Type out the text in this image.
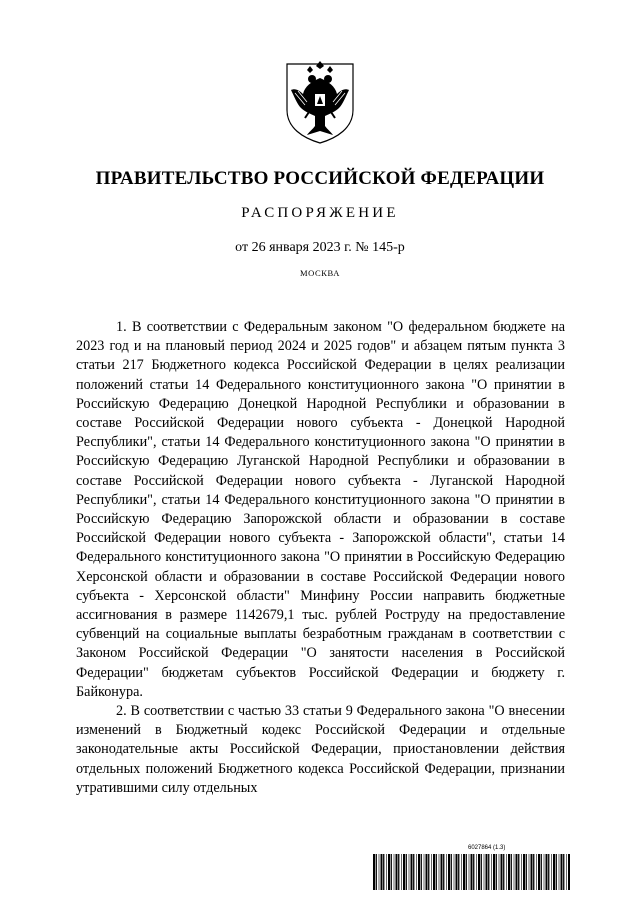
ПРАВИТЕЛЬСТВО РОССИЙСКОЙ ФЕДЕРАЦИИ
РАСПОРЯЖЕНИЕ
от 26 января 2023 г. № 145-р
МОСКВА

1. В соответствии с Федеральным законом "О федеральном бюджете на 2023 год и на плановый период 2024 и 2025 годов" и абзацем пятым пункта 3 статьи 217 Бюджетного кодекса Российской Федерации в целях реализации положений статьи 14 Федерального конституционного закона "О принятии в Российскую Федерацию Донецкой Народной Республики и образовании в составе Российской Федерации нового субъекта - Донецкой Народной Республики", статьи 14 Федерального конституционного закона "О принятии в Российскую Федерацию Луганской Народной Республики и образовании в составе Российской Федерации нового субъекта - Луганской Народной Республики", статьи 14 Федерального конституционного закона "О принятии в Российскую Федерацию Запорожской области и образовании в составе Российской Федерации нового субъекта - Запорожской области", статьи 14 Федерального конституционного закона "О принятии в Российскую Федерацию Херсонской области и образовании в составе Российской Федерации нового субъекта - Херсонской области" Минфину России направить бюджетные ассигнования в размере 1142679,1 тыс. рублей Роструду на предоставление субвенций на социальные выплаты безработным гражданам в соответствии с Законом Российской Федерации "О занятости населения в Российской Федерации" бюджетам субъектов Российской Федерации и бюджету г. Байконура.

2. В соответствии с частью 33 статьи 9 Федерального закона "О внесении изменений в Бюджетный кодекс Российской Федерации и отдельные законодательные акты Российской Федерации, приостановлении действия отдельных положений Бюджетного кодекса Российской Федерации, признании утратившими силу отдельных

6027864 (1.3)
